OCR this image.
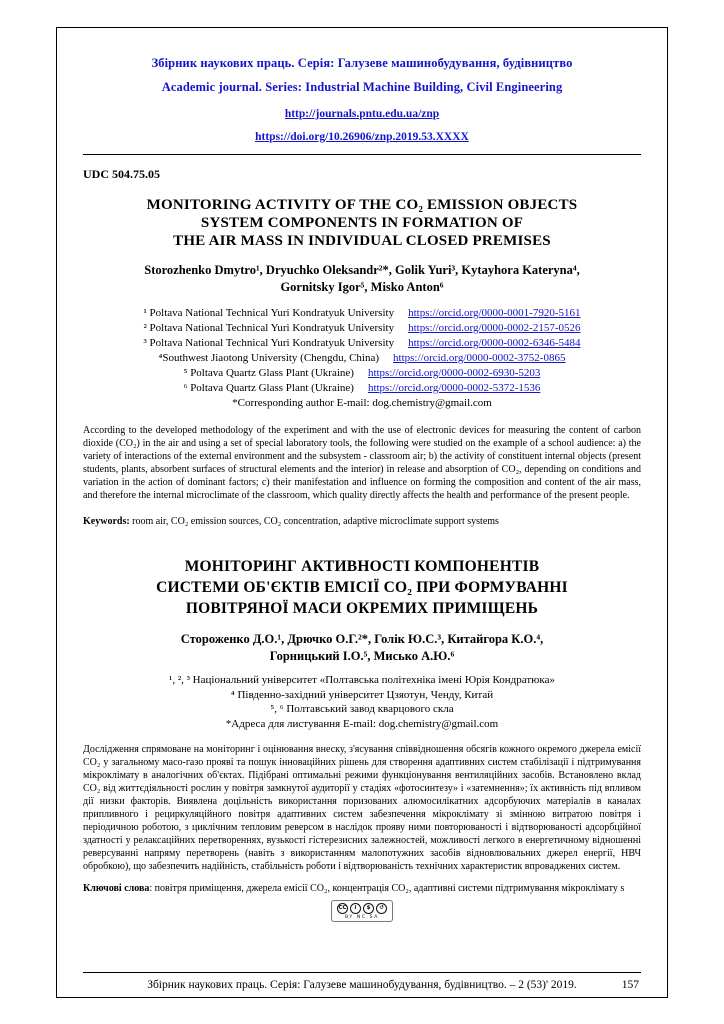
Збірник наукових праць. Серія: Галузеве машинобудування, будівництво
Academic journal. Series: Industrial Machine Building, Civil Engineering
http://journals.pntu.edu.ua/znp
https://doi.org/10.26906/znp.2019.53.XXXX
UDC 504.75.05
MONITORING ACTIVITY OF THE CO₂ EMISSION OBJECTS
SYSTEM COMPONENTS IN FORMATION OF
THE AIR MASS IN INDIVIDUAL CLOSED PREMISES
Storozhenko Dmytro¹, Dryuchko Oleksandr²*, Golik Yuri³, Kytayhora Kateryna⁴,
Gornitsky Igor⁵, Misko Anton⁶
¹ Poltava National Technical Yuri Kondratyuk University https://orcid.org/0000-0001-7920-5161
² Poltava National Technical Yuri Kondratyuk University https://orcid.org/0000-0002-2157-0526
³ Poltava National Technical Yuri Kondratyuk University https://orcid.org/0000-0002-6346-5484
⁴Southwest Jiaotong University (Chengdu, China) https://orcid.org/0000-0002-3752-0865
⁵ Poltava Quartz Glass Plant (Ukraine) https://orcid.org/0000-0002-6930-5203
⁶ Poltava Quartz Glass Plant (Ukraine) https://orcid.org/0000-0002-5372-1536
*Corresponding author E-mail: dog.chemistry@gmail.com
According to the developed methodology of the experiment and with the use of electronic devices for measuring the content of carbon dioxide (CO₂) in the air and using a set of special laboratory tools, the following were studied on the example of a school audience: a) the variety of interactions of the external environment and the subsystem - classroom air; b) the activity of constituent internal objects (present students, plants, absorbent surfaces of structural elements and the interior) in release and absorption of CO₂, depending on conditions and variation in the action of dominant factors; c) their manifestation and influence on forming the composition and content of the air mass, and therefore the internal microclimate of the classroom, which quality directly affects the health and performance of the present people.
Keywords: room air, CO₂ emission sources, CO₂ concentration, adaptive microclimate support systems
МОНІТОРИНГ АКТИВНОСТІ КОМПОНЕНТІВ
СИСТЕМИ ОБ'ЄКТІВ ЕМІСІЇ СО₂ ПРИ ФОРМУВАННІ
ПОВІТРЯНОЇ МАСИ ОКРЕМИХ ПРИМІЩЕНЬ
Стороженко Д.О.¹, Дрючко О.Г.²*, Голік Ю.С.³, Китайгора К.О.⁴,
Горницький І.О.⁵, Мисько А.Ю.⁶
¹, ², ³ Національний університет «Полтавська політехніка імені Юрія Кондратюка»
⁴ Південно-західний університет Цзяотун, Ченду, Китай
⁵, ⁶ Полтавський завод кварцового скла
*Адреса для листування E-mail: dog.chemistry@gmail.com
Дослідження спрямоване на моніторинг і оцінювання внеску, з'ясування співвідношення обсягів кожного окремого джерела емісії СО₂ у загальному масо-газо прояві та пошук інноваційних рішень для створення адаптивних систем стабілізації і підтримування мікроклімату в аналогічних об'єктах. Підібрані оптимальні режими функціонування вентиляційних засобів. Встановлено вклад СО₂ від життєдіяльності рослин у повітря замкнутої аудиторії у стадіях «фотосинтезу» і «затемнення»; їх активність під впливом дії низки факторів. Виявлена доцільність використання поризованих алюмосилікатних адсорбуючих матеріалів в каналах припливного і рециркуляційного повітря адаптивних систем забезпечення мікроклімату зі змінною витратою повітря і періодичною роботою, з циклічним тепловим реверсом в наслідок прояву ними повторюваності і відтворюваності адсорбційної здатності у релаксаційних перетвореннях, вузькості гістерезисних залежностей, можливості легкого в енергетичному відношенні реверсуванні напряму перетворень (навіть з використанням малопотужних засобів відновлювальних джерел енергії, НВЧ обробкою), що забезпечить надійність, стабільність роботи і відтворюваність технічних характеристик впроваджених систем.
Ключові слова: повітря приміщення, джерела емісії СО₂, концентрація СО₂, адаптивні системи підтримування мікроклімату s
CC	i	$	↺
BY NC SA
Збірник наукових праць. Серія: Галузеве машинобудування, будівництво. – 2 (53)' 2019.	157
